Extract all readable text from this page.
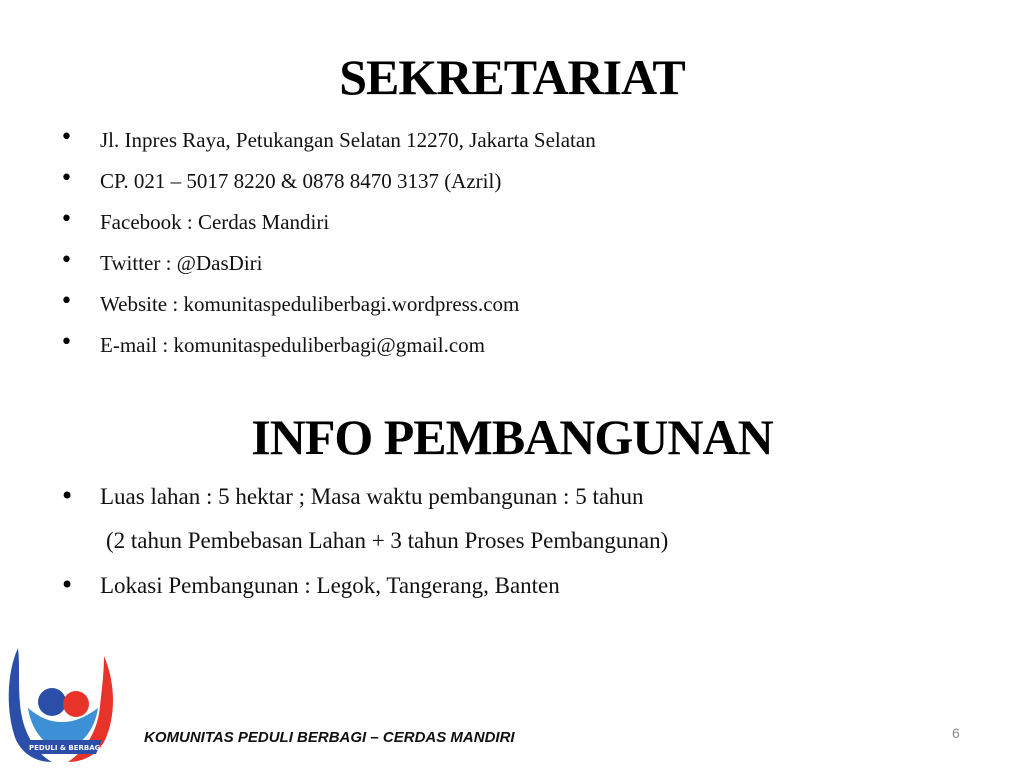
SEKRETARIAT
• Jl. Inpres Raya, Petukangan Selatan 12270, Jakarta Selatan
• CP. 021 – 5017 8220 & 0878 8470 3137 (Azril)
• Facebook : Cerdas Mandiri
• Twitter : @DasDiri
• Website : komunitaspeduliberbagi.wordpress.com
• E-mail : komunitaspeduliberbagi@gmail.com
INFO PEMBANGUNAN
• Luas lahan : 5 hektar ; Masa waktu pembangunan : 5 tahun
(2 tahun Pembebasan Lahan + 3 tahun Proses Pembangunan)
• Lokasi Pembangunan : Legok, Tangerang, Banten
PEDULI & BERBAGI
KOMUNITAS PEDULI BERBAGI – CERDAS MANDIRI	6
